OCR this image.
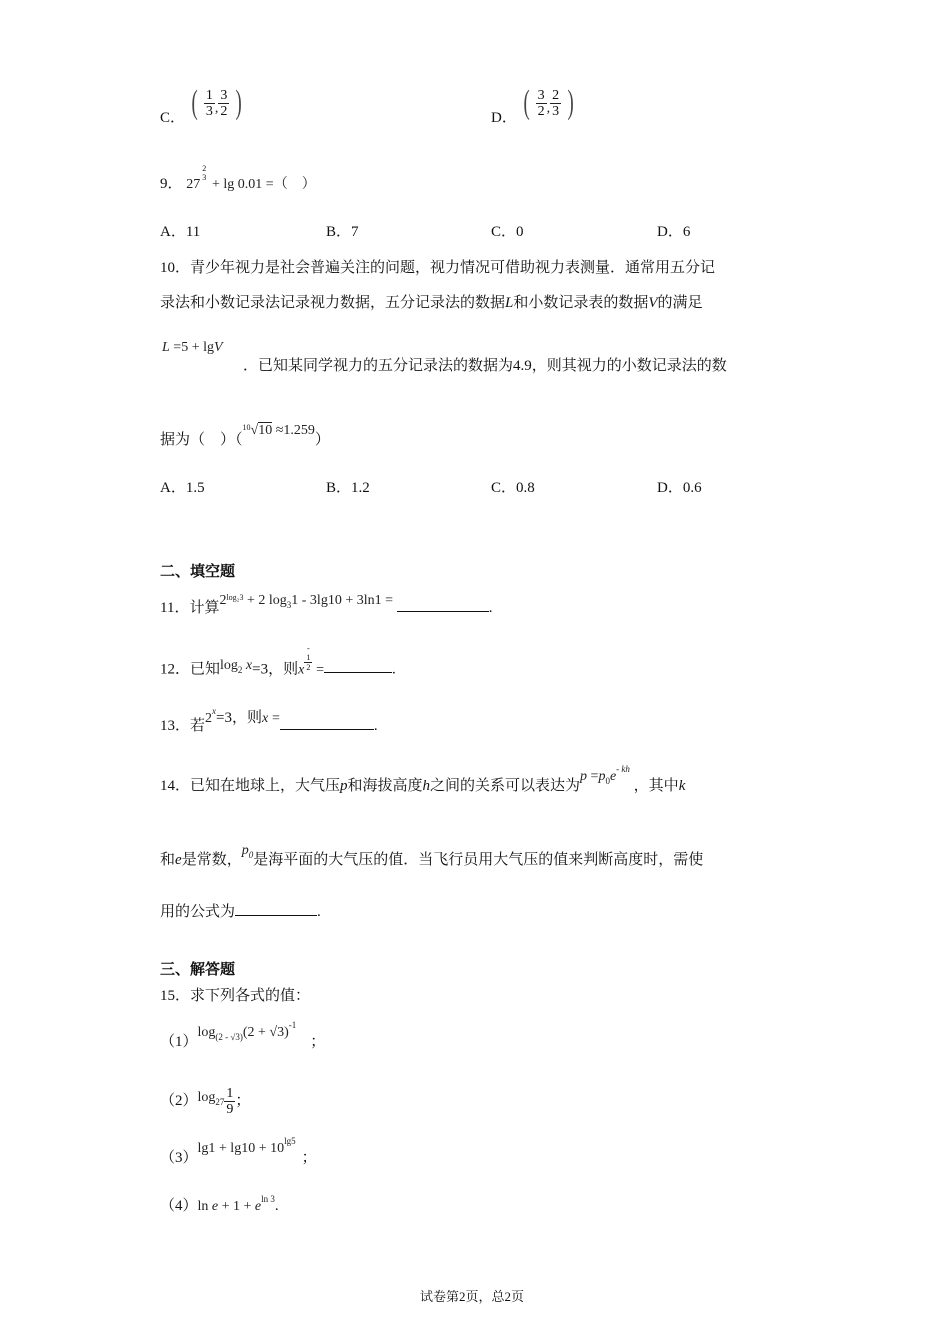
C． ( $\frac{1}{3}$ , $\frac{3}{2}$ )	D． ( $\frac{3}{2}$ , $\frac{2}{3}$ )
9． 27
2
3 + lg 0.01 =（　）
A．11	B．7	C．0	D．6
10．青少年视力是社会普遍关注的问题，视力情况可借助视力表测量．通常用五分记
录法和小数记录法记录视力数据，五分记录法的数据L和小数记录表的数据V的满足
L =5 + lgV
．已知某同学视力的五分记录法的数据为4.9，则其视力的小数记录法的数
据为（　）（$^{10}$√10 ≈1.259）
A．1.5	B．1.2	C．0.8	D．0.6
二、填空题
11．计算$2^{log_23} + 2$ $\log_31 - 3\lg 10 + 3\ln 1$ =	.
12．已知$\log_2 x=3$，则x-
1
2 =	.
13．若$2^x=3$，则x =	.
14．已知在地球上，大气压p和海拔高度h之间的关系可以表达为$p =p_0e^{- kh}$ ，其中k
和e是常数，$p_0$是海平面的大气压的值．当飞行员用大气压的值来判断高度时，需使
用的公式为	.
三、解答题
15．求下列各式的值：
$(1)\log_{(2 - √3)}(2 + √3)^{-1}$；
$(2)\log_{27} \frac{1}{9}$ ；
$(3)\lg 1 + \lg 10 + 10^{lg5}$；
（4）ln $e + 1 + e^{ln 3}$.
试卷第2页，总2页
